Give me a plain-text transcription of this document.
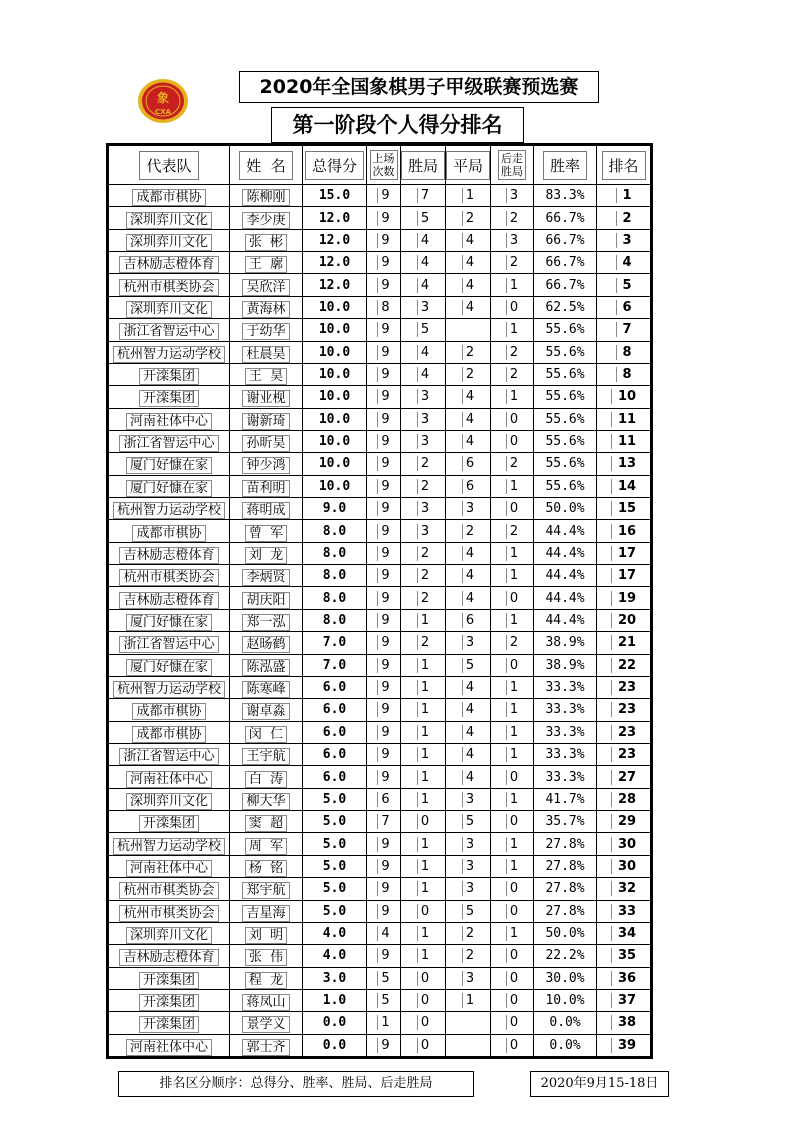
象
CXA
2020年全国象棋男子甲级联赛预选赛
第一阶段个人得分排名
代表队	姓  名	总得分	上场
次数	胜局	平局	后走
胜局	胜率	排名
成都市棋协	陈柳刚	15.0	9	7	1	3	83.3%	1
深圳弈川文化	李少庚	12.0	9	5	2	2	66.7%	2
深圳弈川文化	张  彬	12.0	9	4	4	3	66.7%	3
吉林励志橙体育	王  廓	12.0	9	4	4	2	66.7%	4
杭州市棋类协会	吴欣洋	12.0	9	4	4	1	66.7%	5
深圳弈川文化	黄海林	10.0	8	3	4	0	62.5%	6
浙江省智运中心	于幼华	10.0	9	5		1	55.6%	7
杭州智力运动学校	杜晨昊	10.0	9	4	2	2	55.6%	8
开滦集团	王  昊	10.0	9	4	2	2	55.6%	8
开滦集团	谢业枧	10.0	9	3	4	1	55.6%	10
河南社体中心	谢新琦	10.0	9	3	4	0	55.6%	11
浙江省智运中心	孙昕昊	10.0	9	3	4	0	55.6%	11
厦门好慷在家	钟少鸿	10.0	9	2	6	2	55.6%	13
厦门好慷在家	苗利明	10.0	9	2	6	1	55.6%	14
杭州智力运动学校	蒋明成	9.0	9	3	3	0	50.0%	15
成都市棋协	曾  军	8.0	9	3	2	2	44.4%	16
吉林励志橙体育	刘  龙	8.0	9	2	4	1	44.4%	17
杭州市棋类协会	李炳贤	8.0	9	2	4	1	44.4%	17
吉林励志橙体育	胡庆阳	8.0	9	2	4	0	44.4%	19
厦门好慷在家	郑一泓	8.0	9	1	6	1	44.4%	20
浙江省智运中心	赵旸鹤	7.0	9	2	3	2	38.9%	21
厦门好慷在家	陈泓盛	7.0	9	1	5	0	38.9%	22
杭州智力运动学校	陈寒峰	6.0	9	1	4	1	33.3%	23
成都市棋协	谢卓淼	6.0	9	1	4	1	33.3%	23
成都市棋协	闵  仁	6.0	9	1	4	1	33.3%	23
浙江省智运中心	王宇航	6.0	9	1	4	1	33.3%	23
河南社体中心	白  涛	6.0	9	1	4	0	33.3%	27
深圳弈川文化	柳大华	5.0	6	1	3	1	41.7%	28
开滦集团	窦  超	5.0	7	0	5	0	35.7%	29
杭州智力运动学校	周  军	5.0	9	1	3	1	27.8%	30
河南社体中心	杨  铭	5.0	9	1	3	1	27.8%	30
杭州市棋类协会	郑宇航	5.0	9	1	3	0	27.8%	32
杭州市棋类协会	吉星海	5.0	9	0	5	0	27.8%	33
深圳弈川文化	刘  明	4.0	4	1	2	1	50.0%	34
吉林励志橙体育	张  伟	4.0	9	1	2	0	22.2%	35
开滦集团	程  龙	3.0	5	0	3	0	30.0%	36
开滦集团	蒋凤山	1.0	5	0	1	0	10.0%	37
开滦集团	景学义	0.0	1	0		0	0.0%	38
河南社体中心	郭士齐	0.0	9	0		0	0.0%	39
排名区分顺序：总得分、胜率、胜局、后走胜局	2020年9月15-18日
